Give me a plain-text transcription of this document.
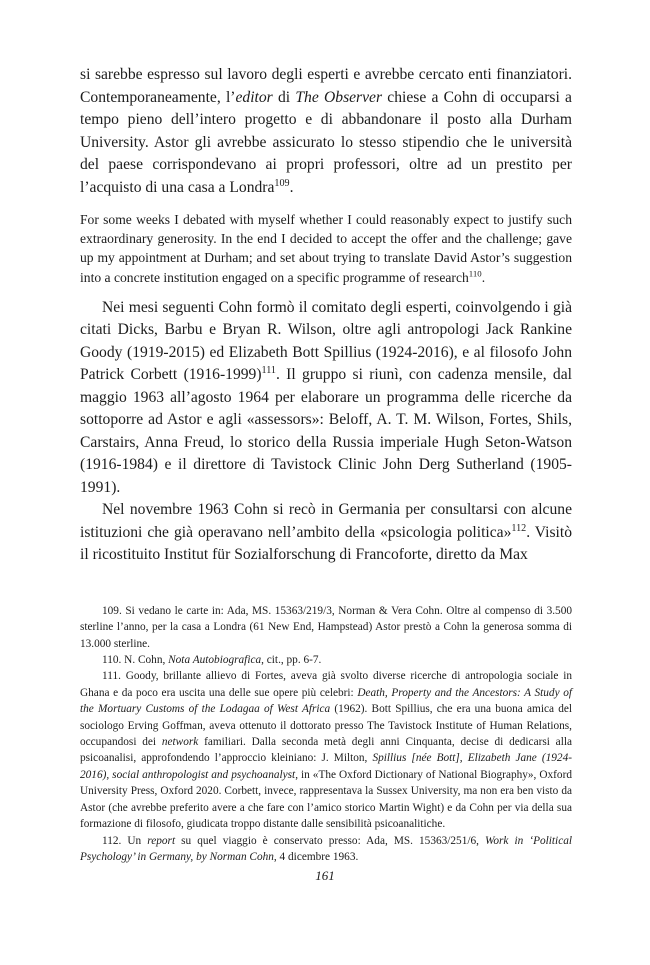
si sarebbe espresso sul lavoro degli esperti e avrebbe cercato enti finanziatori. Contemporaneamente, l’editor di The Observer chiese a Cohn di occuparsi a tempo pieno dell’intero progetto e di abbandonare il posto alla Durham University. Astor gli avrebbe assicurato lo stesso stipendio che le università del paese corrispondevano ai propri professori, oltre ad un prestito per l’acquisto di una casa a Londra$^{109}$.

For some weeks I debated with myself whether I could reasonably expect to justify such extraordinary generosity. In the end I decided to accept the offer and the challenge; gave up my appointment at Durham; and set about trying to translate David Astor’s suggestion into a concrete institution engaged on a specific programme of research$^{110}$.

Nei mesi seguenti Cohn formò il comitato degli esperti, coinvolgendo i già citati Dicks, Barbu e Bryan R. Wilson, oltre agli antropologi Jack Rankine Goody (1919-2015) ed Elizabeth Bott Spillius (1924-2016), e al filosofo John Patrick Corbett (1916-1999)$^{111}$. Il gruppo si riunì, con cadenza mensile, dal maggio 1963 all’agosto 1964 per elaborare un programma delle ricerche da sottoporre ad Astor e agli «assessors»: Beloff, A. T. M. Wilson, Fortes, Shils, Carstairs, Anna Freud, lo storico della Russia imperiale Hugh Seton-Watson (1916-1984) e il direttore di Tavistock Clinic John Derg Sutherland (1905-1991).

Nel novembre 1963 Cohn si recò in Germania per consultarsi con alcune istituzioni che già operavano nell’ambito della «psicologia politica»$^{112}$. Visitò il ricostituito Institut für Sozialforschung di Francoforte, diretto da Max

109. Si vedano le carte in: Ada, MS. 15363/219/3, Norman & Vera Cohn. Oltre al compenso di 3.500 sterline l’anno, per la casa a Londra (61 New End, Hampstead) Astor prestò a Cohn la generosa somma di 13.000 sterline.

110. N. Cohn, Nota Autobiografica, cit., pp. 6-7.

111. Goody, brillante allievo di Fortes, aveva già svolto diverse ricerche di antropologia sociale in Ghana e da poco era uscita una delle sue opere più celebri: Death, Property and the Ancestors: A Study of the Mortuary Customs of the Lodagaa of West Africa (1962). Bott Spillius, che era una buona amica del sociologo Erving Goffman, aveva ottenuto il dottorato presso The Tavistock Institute of Human Relations, occupandosi dei network familiari. Dalla seconda metà degli anni Cinquanta, decise di dedicarsi alla psicoanalisi, approfondendo l’approccio kleiniano: J. Milton, Spillius [née Bott], Elizabeth Jane (1924-2016), social anthropologist and psychoanalyst, in «The Oxford Dictionary of National Biography», Oxford University Press, Oxford 2020. Corbett, invece, rappresentava la Sussex University, ma non era ben visto da Astor (che avrebbe preferito avere a che fare con l’amico storico Martin Wight) e da Cohn per via della sua formazione di filosofo, giudicata troppo distante dalle sensibilità psicoanalitiche.

112. Un report su quel viaggio è conservato presso: Ada, MS. 15363/251/6, Work in ‘Political Psychology’ in Germany, by Norman Cohn, 4 dicembre 1963.

161
